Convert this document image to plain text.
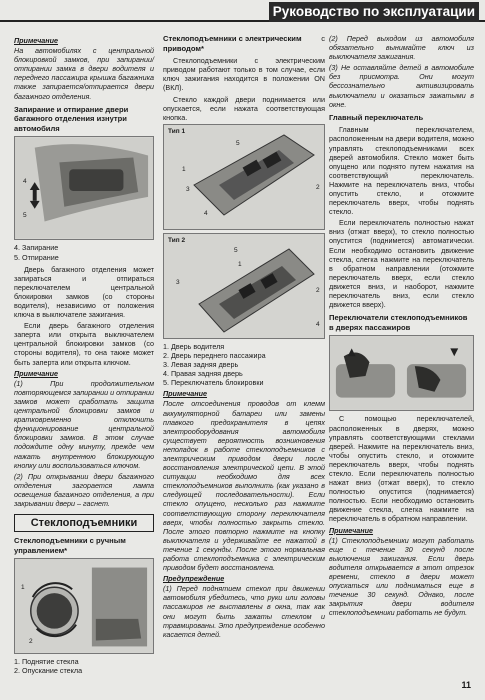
Руководство по эксплуатации
Примечание

На автомобилях с центральной блокировкой замков, при запирании/отпирании замка в двери водителя и переднего пассажира крышка багажника также запирается/отпирается двери багажного отделения.

Запирание и отпирание двери багажного отделения изнутри автомобиля
4
5
4. Запирание
5. Отпирание

Дверь багажного отделения может запираться и отпираться переключателем центральной блокировки замков (со стороны водителя), независимо от положения ключа в выключателе зажигания.

Если дверь багажного отделения заперта или открыта выключателем центральной блокировки замков (со стороны водителя), то она также может быть заперта или открыта ключом.

Примечание

(1) При продолжительном повторяющемся запирании и отпирании замков может сработать защита центральной блокировки замков и кратковременно отключить функционирование центральной блокировки замков. В этом случае подождите одну минуту, прежде чем нажать внутреннюю блокирующую кнопку или воспользоваться ключом.

(2) При открывании двери багажного отделения загорается лампа освещения багажного отделения, а при закрывании двери – гаснет.

Стеклоподъемники
Стеклоподъемники с ручным управлением*
1
2
1. Поднятие стекла
2. Опускание стекла
Стеклоподъемники с электрическим приводом*
с

Стеклоподъемники с электрическим приводом работают только в том случае, если ключ зажигания находится в положении ON (ВКЛ).

Стекло каждой двери поднимается или опускается, если нажата соответствующая кнопка.

Тип 1
5
1
2
3
4
Тип 2
5
1
2
3
4
1. Дверь водителя
2. Дверь переднего пассажира
3. Левая задняя дверь
4. Правая задняя дверь
5. Переключатель блокировки
Примечание

После отсоединения проводов от клемм аккумуляторной батареи или замены плавкого предохранителя в цепях электрооборудования автомобиля существует вероятность возникновения неполадок в работе стеклоподъемников с электрическим приводом двери после восстановления электрической цепи. В этой ситуации необходимо для всех стеклоподъемников выполнить (как указано в следующей последовательности). Если стекло опущено, несколько раз нажмите соответствующую сторону переключателя вверх, чтобы полностью закрыть стекло. После этого повторно нажмите на кнопку выключателя и удерживайте ее нажатой в течение 1 секунды. После этого нормальная работа стеклоподъемника с электрическим приводом будет восстановлена.

Предупреждение

(1) Перед поднятием стекол при движении автомобиля убедитесь, что руки или головы пассажиров не выставлены в окна, так как они могут быть зажаты стеклом и травмированы. Это предупреждение особенно касается детей.

(2) Перед выходом из автомобиля обязательно вынимайте ключ из выключателя зажигания.

(3) Не оставляйте детей в автомобиле без присмотра. Они могут бессознательно активизировать выключатели и оказаться зажатыми в окне.

Главный переключатель

Главным переключателем, расположенным на двери водителя, можно управлять стеклоподъемниками всех дверей автомобиля. Стекло может быть опущено или поднято путем нажатия на соответствующий переключатель. Нажмите на переключатель вниз, чтобы опустить стекло, и отожмите переключатель вверх, чтобы поднять стекло.

Если переключатель полностью нажат вниз (отжат вверх), то стекло полностью опустится (поднимется) автоматически. Если необходимо остановить движение стекла, слегка нажмите на переключатель в обратном направлении (отожмите переключатель вверх, если стекло движется вниз, и наоборот, нажмите переключатель вниз, если стекло движется вверх).

Переключатели стеклоподъемников в дверях пассажиров

С помощью переключателей, расположенных в дверях, можно управлять соответствующими стеклами дверей. Нажмите на переключатель вниз, чтобы опустить стекло, и отожмите переключатель вверх, чтобы поднять стекло. Если переключатель полностью нажат вниз (отжат вверх), то стекло полностью опустится (поднимается) полностью. Если необходимо остановить движение стекла, слегка нажмите на переключатель в обратном направлении.

Примечание

(1) Стеклоподъемники могут работать еще с течение 30 секунд после выключения зажигания. Если дверь водителя открывается в этот отрезок времени, стекло в двери может опускаться или подниматься еще в течение 30 секунд. Однако, после закрытия двери водителя стеклоподъемники работать не будут.

11
